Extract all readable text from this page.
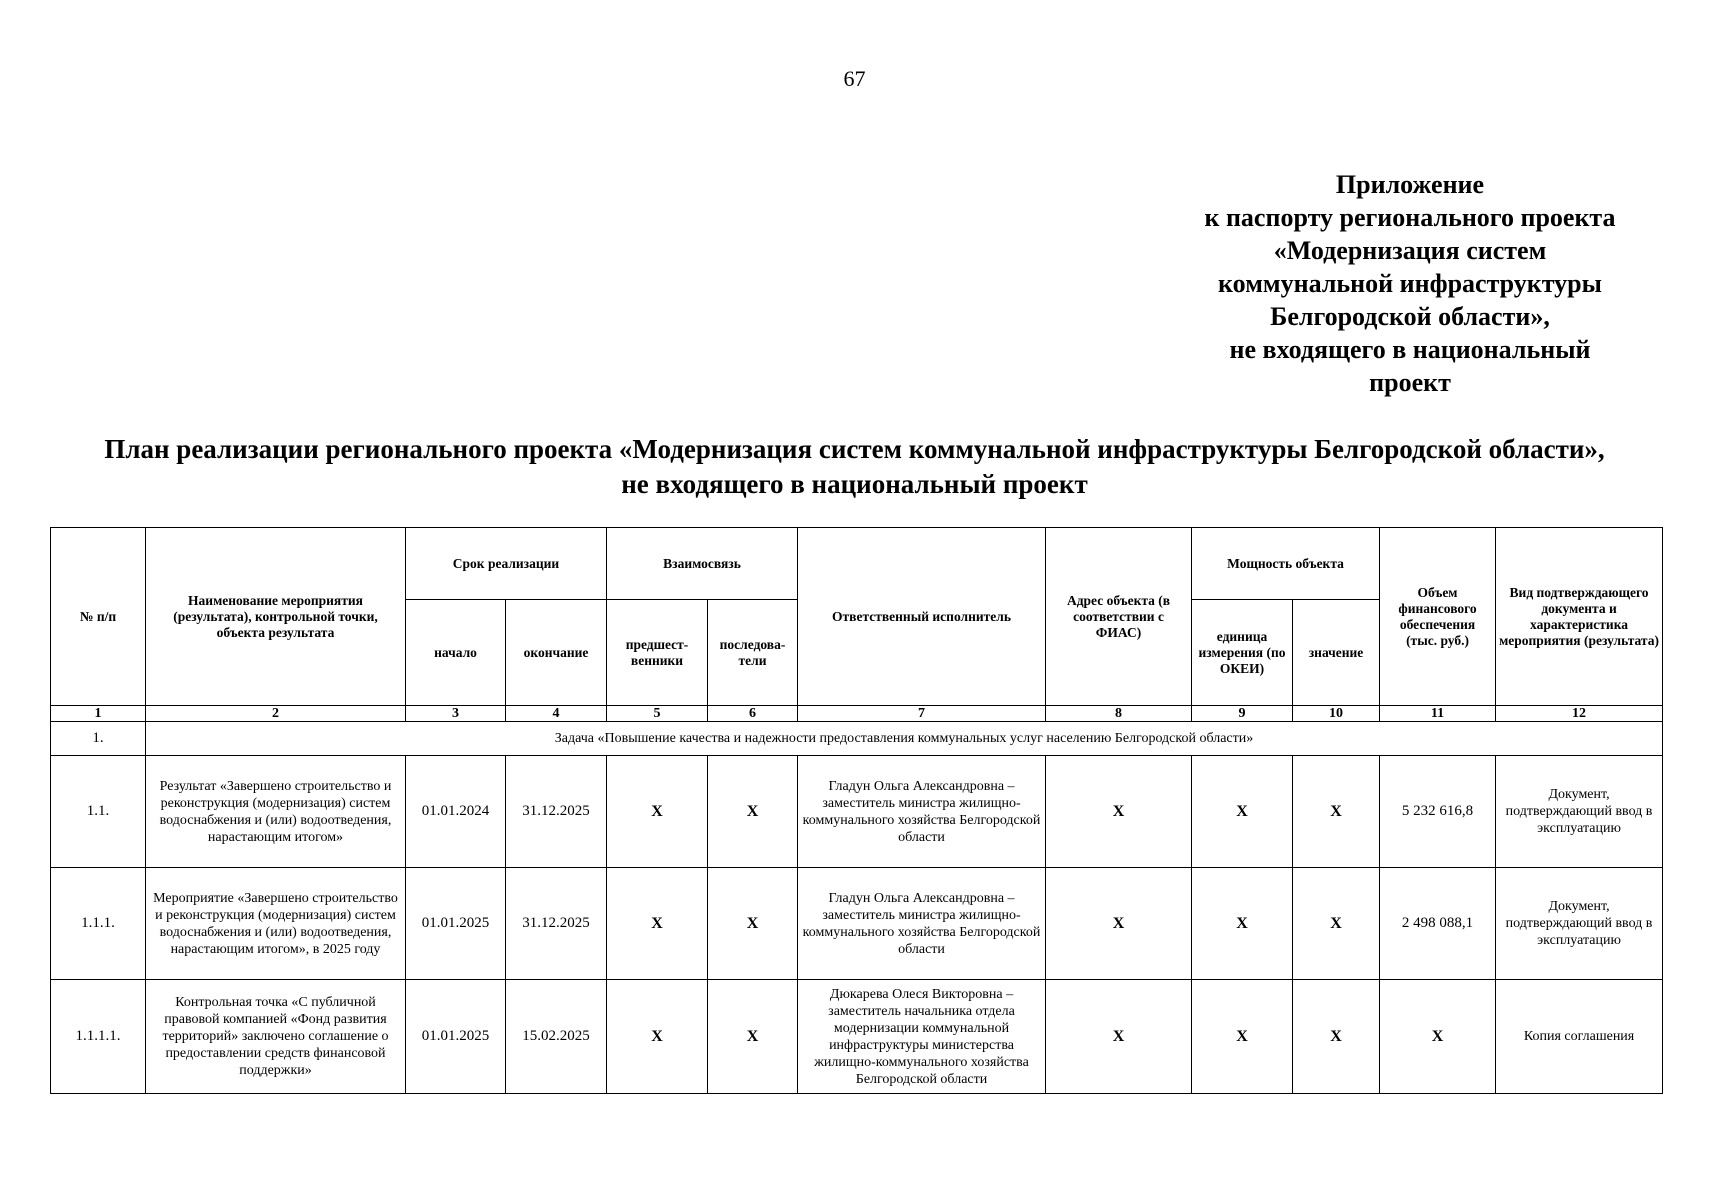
67
Приложение
к паспорту регионального проекта
«Модернизация систем
коммунальной инфраструктуры
Белгородской области»,
не входящего в национальный
проект
План реализации регионального проекта «Модернизация систем коммунальной инфраструктуры Белгородской области»,
не входящего в национальный проект
№ п/п	Наименование мероприятия (результата), контрольной точки, объекта результата	Срок реализации		Взаимосвязь		Ответственный исполнитель	Адрес объекта (в соответствии с ФИАС)	Мощность объекта		Объем финансового обеспечения (тыс. руб.)	Вид подтверждающего документа и характеристика мероприятия (результата)
		начало	окончание	предшест-венники	последова-тели			единица измерения (по ОКЕИ)	значение		
1	2	3	4	5	6	7	8	9	10	11	12
1.	Задача «Повышение качества и надежности предоставления коммунальных услуг населению Белгородской области»										
1.1.	Результат «Завершено строительство и реконструкция (модернизация) систем водоснабжения и (или) водоотведения, нарастающим итогом»	01.01.2024	31.12.2025	X	X	Гладун Ольга Александровна – заместитель министра жилищно-коммунального хозяйства Белгородской области	X	X	X	5 232 616,8	Документ, подтверждающий ввод в эксплуатацию
1.1.1.	Мероприятие «Завершено строительство и реконструкция (модернизация) систем водоснабжения и (или) водоотведения, нарастающим итогом», в 2025 году	01.01.2025	31.12.2025	X	X	Гладун Ольга Александровна – заместитель министра жилищно-коммунального хозяйства Белгородской области	X	X	X	2 498 088,1	Документ, подтверждающий ввод в эксплуатацию
1.1.1.1.	Контрольная точка «С публичной правовой компанией «Фонд развития территорий» заключено соглашение о предоставлении средств финансовой поддержки»	01.01.2025	15.02.2025	X	X	Дюкарева Олеся Викторовна – заместитель начальника отдела модернизации коммунальной инфраструктуры министерства жилищно-коммунального хозяйства Белгородской области	X	X	X	X	Копия соглашения
